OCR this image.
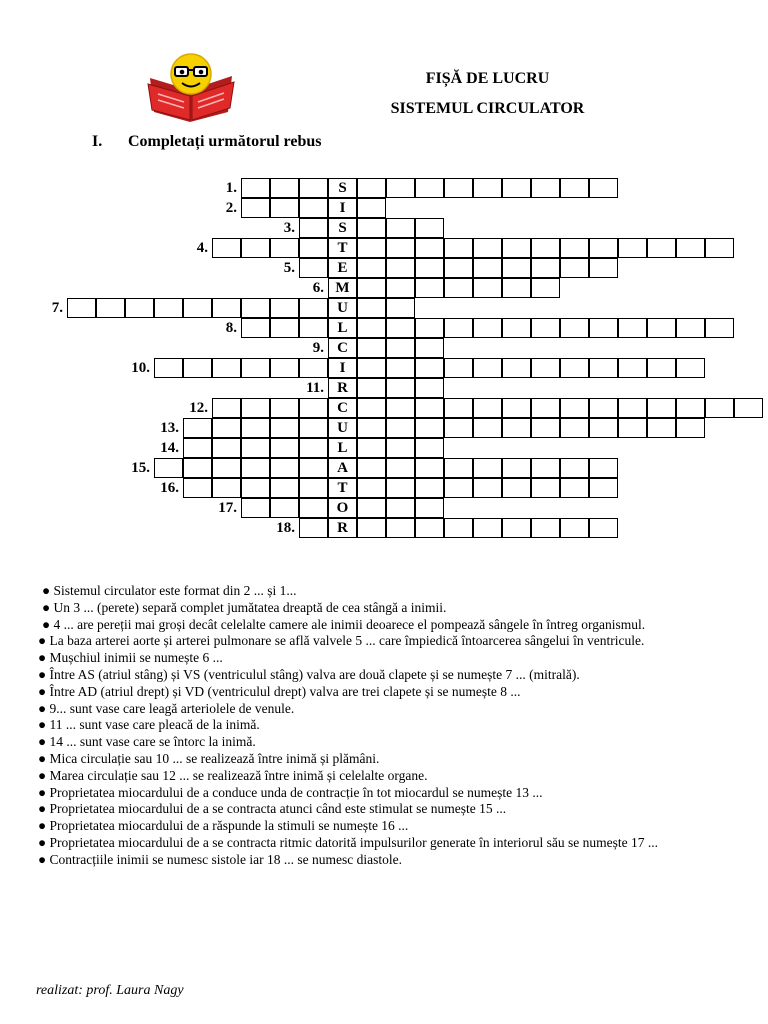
FIȘĂ DE LUCRU
SISTEMUL CIRCULATOR
I. Completați următorul rebus
1.	S
2.	I
3.	S
4.	T
5.	E
6. M
7.	U
8.	L
9. C
10.	I
11. R
12.	C
13.	U
14.	L
15.	A
16.	T
17.	O
18.	R
● Sistemul circulator este format din 2 ... și 1...
● Un 3 ... (perete) separă complet jumătatea dreaptă de cea stângă a inimii.
● 4 ... are pereții mai groși decât celelalte camere ale inimii deoarece el pompează sângele în întreg organismul.
● La baza arterei aorte și arterei pulmonare se află valvele 5 ... care împiedică întoarcerea sângelui în ventricule.
● Mușchiul inimii se numește 6 ...
● Între AS (atriul stâng) și VS (ventriculul stâng) valva are două clapete și se numește 7 ... (mitrală).
● Între AD (atriul drept) și VD (ventriculul drept) valva are trei clapete și se numește 8 ...
● 9... sunt vase care leagă arteriolele de venule.
● 11 ... sunt vase care pleacă de la inimă.
● 14 ... sunt vase care se întorc la inimă.
● Mica circulație sau 10 ... se realizează între inimă și plămâni.
● Marea circulație sau 12 ... se realizează între inimă și celelalte organe.
● Proprietatea miocardului de a conduce unda de contracție în tot miocardul se numește 13 ...
● Proprietatea miocardului de a se contracta atunci când este stimulat se numește 15 ...
● Proprietatea miocardului de a răspunde la stimuli se numește 16 ...
● Proprietatea miocardului de a se contracta ritmic datorită impulsurilor generate în interiorul său se numește 17 ...
● Contracțiile inimii se numesc sistole iar 18 ... se numesc diastole.
realizat: prof. Laura Nagy
